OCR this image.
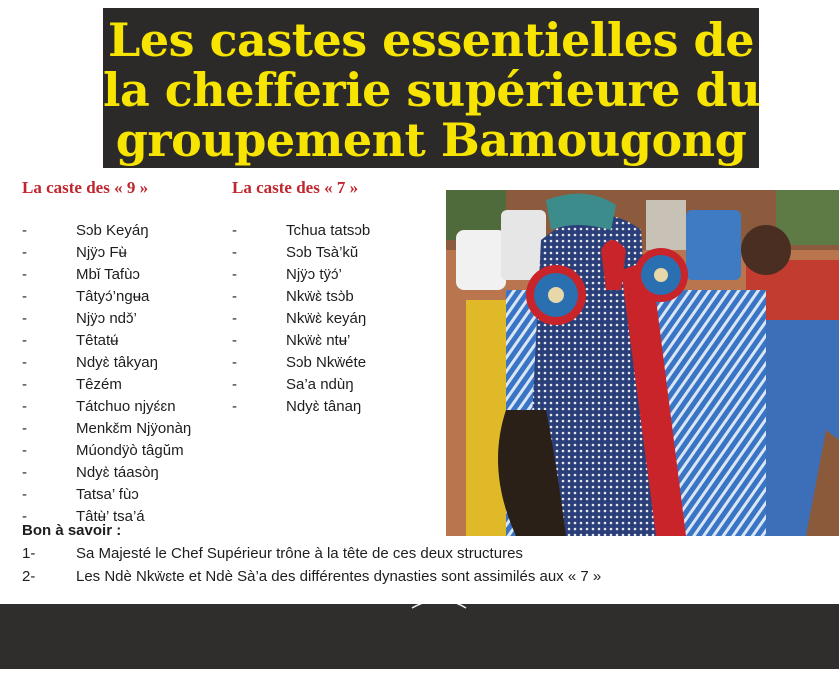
Les castes essentielles de
la chefferie supérieure du
groupement Bamougong
La caste des « 9 »	La caste des « 7 »
-	Sɔb Keyáŋ
-	Njÿɔ Fʉ̀
-	Mbǐ Tafùɔ
-	Tâtyɔ́’ngʉa
-	Njÿɔ ndɔ̌’
-	Têtatʉ́
-	Ndyɛ̀ tâkyaŋ
-	Têzém
-	Tátchuo njyɛ́ɛn
-	Menkɛ̌m Njÿonàŋ
-	Múondÿò tâgŭm
-	Ndyɛ̀ táasòŋ
-	Tatsa’ fùɔ
-	Tâtʉ̀’ tsa’á
-	Tchua tatsɔb
-	Sɔb Tsà’kŭ
-	Njÿɔ tÿɔ́’
-	Nkẅɛ̀ tsɔ̀b
-	Nkẅɛ̀ keyáŋ
-	Nkẅɛ̀ ntʉ’
-	Sɔb Nkẅéte
-	Sa’a ndùŋ
-	Ndyɛ̀ tânaŋ
Bon à savoir :
1-	Sa Majesté le Chef Supérieur trône à la tête de ces deux structures
2-	Les Ndè Nkẅɛte et Ndè Sà’a des différentes dynasties sont assimilés aux « 7 »
